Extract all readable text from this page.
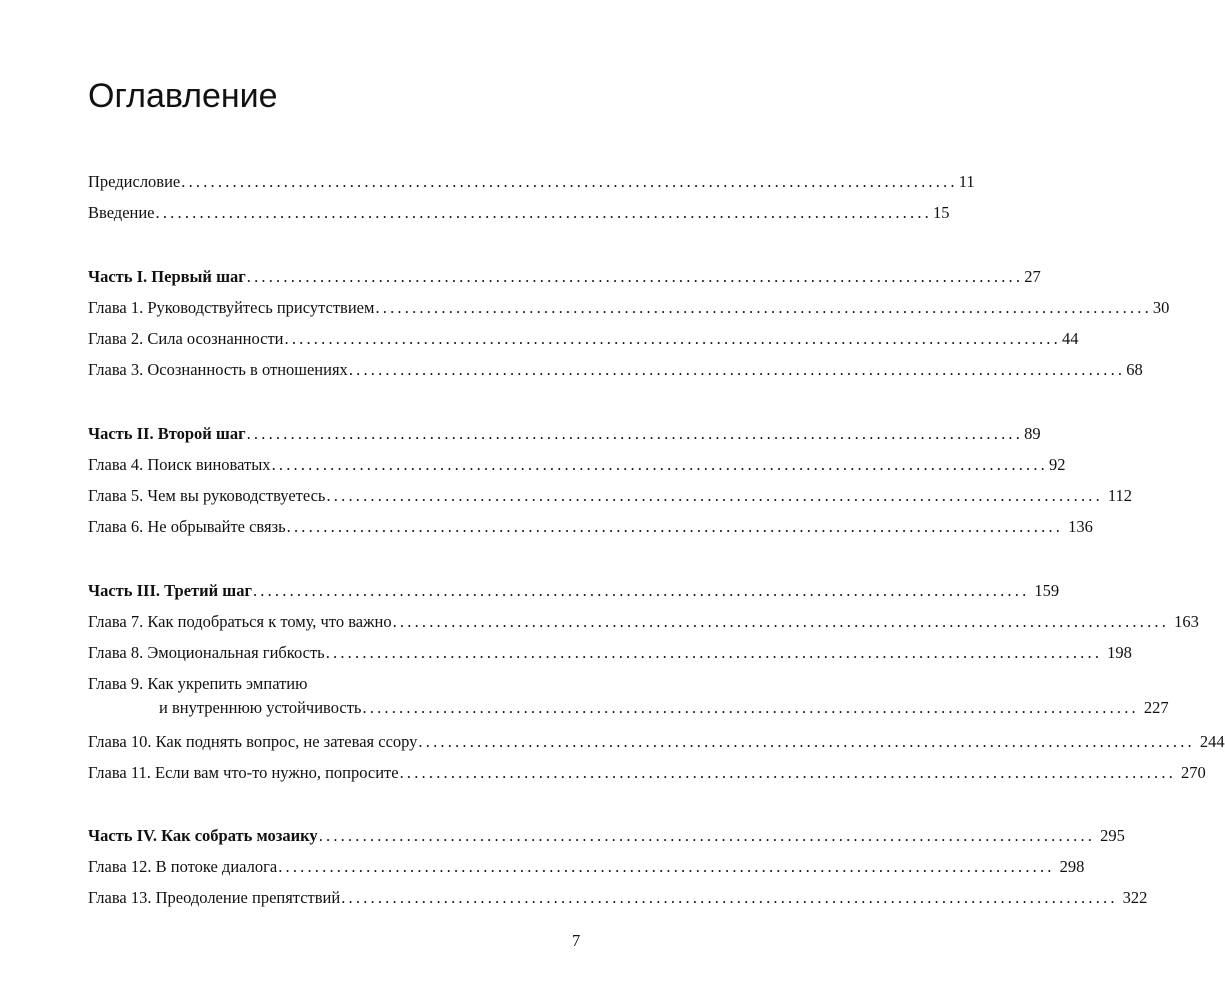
Оглавление
Предисловие .......................................................................................................... 11
Введение .......................................................................................................... 15
Часть I. Первый шаг .......................................................................................................... 27
Глава 1. Руководствуйтесь присутствием .......................................................................................................... 30
Глава 2. Сила осознанности .......................................................................................................... 44
Глава 3. Осознанность в отношениях .......................................................................................................... 68
Часть II. Второй шаг .......................................................................................................... 89
Глава 4. Поиск виноватых .......................................................................................................... 92
Глава 5. Чем вы руководствуетесь .......................................................................................................... 112
Глава 6. Не обрывайте связь .......................................................................................................... 136
Часть III. Третий шаг .......................................................................................................... 159
Глава 7. Как подобраться к тому, что важно .......................................................................................................... 163
Глава 8. Эмоциональная гибкость .......................................................................................................... 198
Глава 9. Как укрепить эмпатию
и внутреннюю устойчивость .......................................................................................................... 227
Глава 10. Как поднять вопрос, не затевая ссору .......................................................................................................... 244
Глава 11. Если вам что-то нужно, попросите .......................................................................................................... 270
Часть IV. Как собрать мозаику .......................................................................................................... 295
Глава 12. В потоке диалога .......................................................................................................... 298
Глава 13. Преодоление препятствий .......................................................................................................... 322
7
